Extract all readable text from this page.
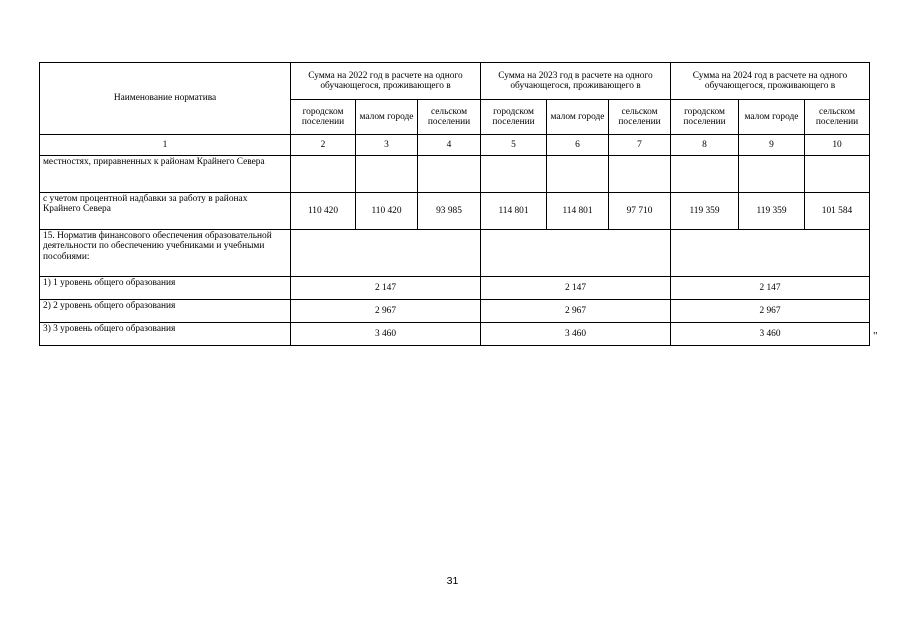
Наименование норматива	Сумма на 2022 год в расчете на одного обучающегося, проживающего в			Сумма на 2023 год в расчете на одного обучающегося, проживающего в			Сумма на 2024 год в расчете на одного обучающегося, проживающего в		
	городском поселении	малом городе	сельском поселении	городском поселении	малом городе	сельском поселении	городском поселении	малом городе	сельском поселении
1	2	3	4	5	6	7	8	9	10
местностях, приравненных к районам Крайнего Севера									
с учетом процентной надбавки за работу в районах Крайнего Севера	110 420	110 420	93 985	114 801	114 801	97 710	119 359	119 359	101 584
15. Норматив финансового обеспечения образовательной деятельности по обеспечению учебниками и учебными пособиями:									
1) 1 уровень общего образования	2 147			2 147			2 147		
2) 2 уровень общего образования	2 967			2 967			2 967		
3) 3 уровень общего образования	3 460			3 460			3 460			"
31
